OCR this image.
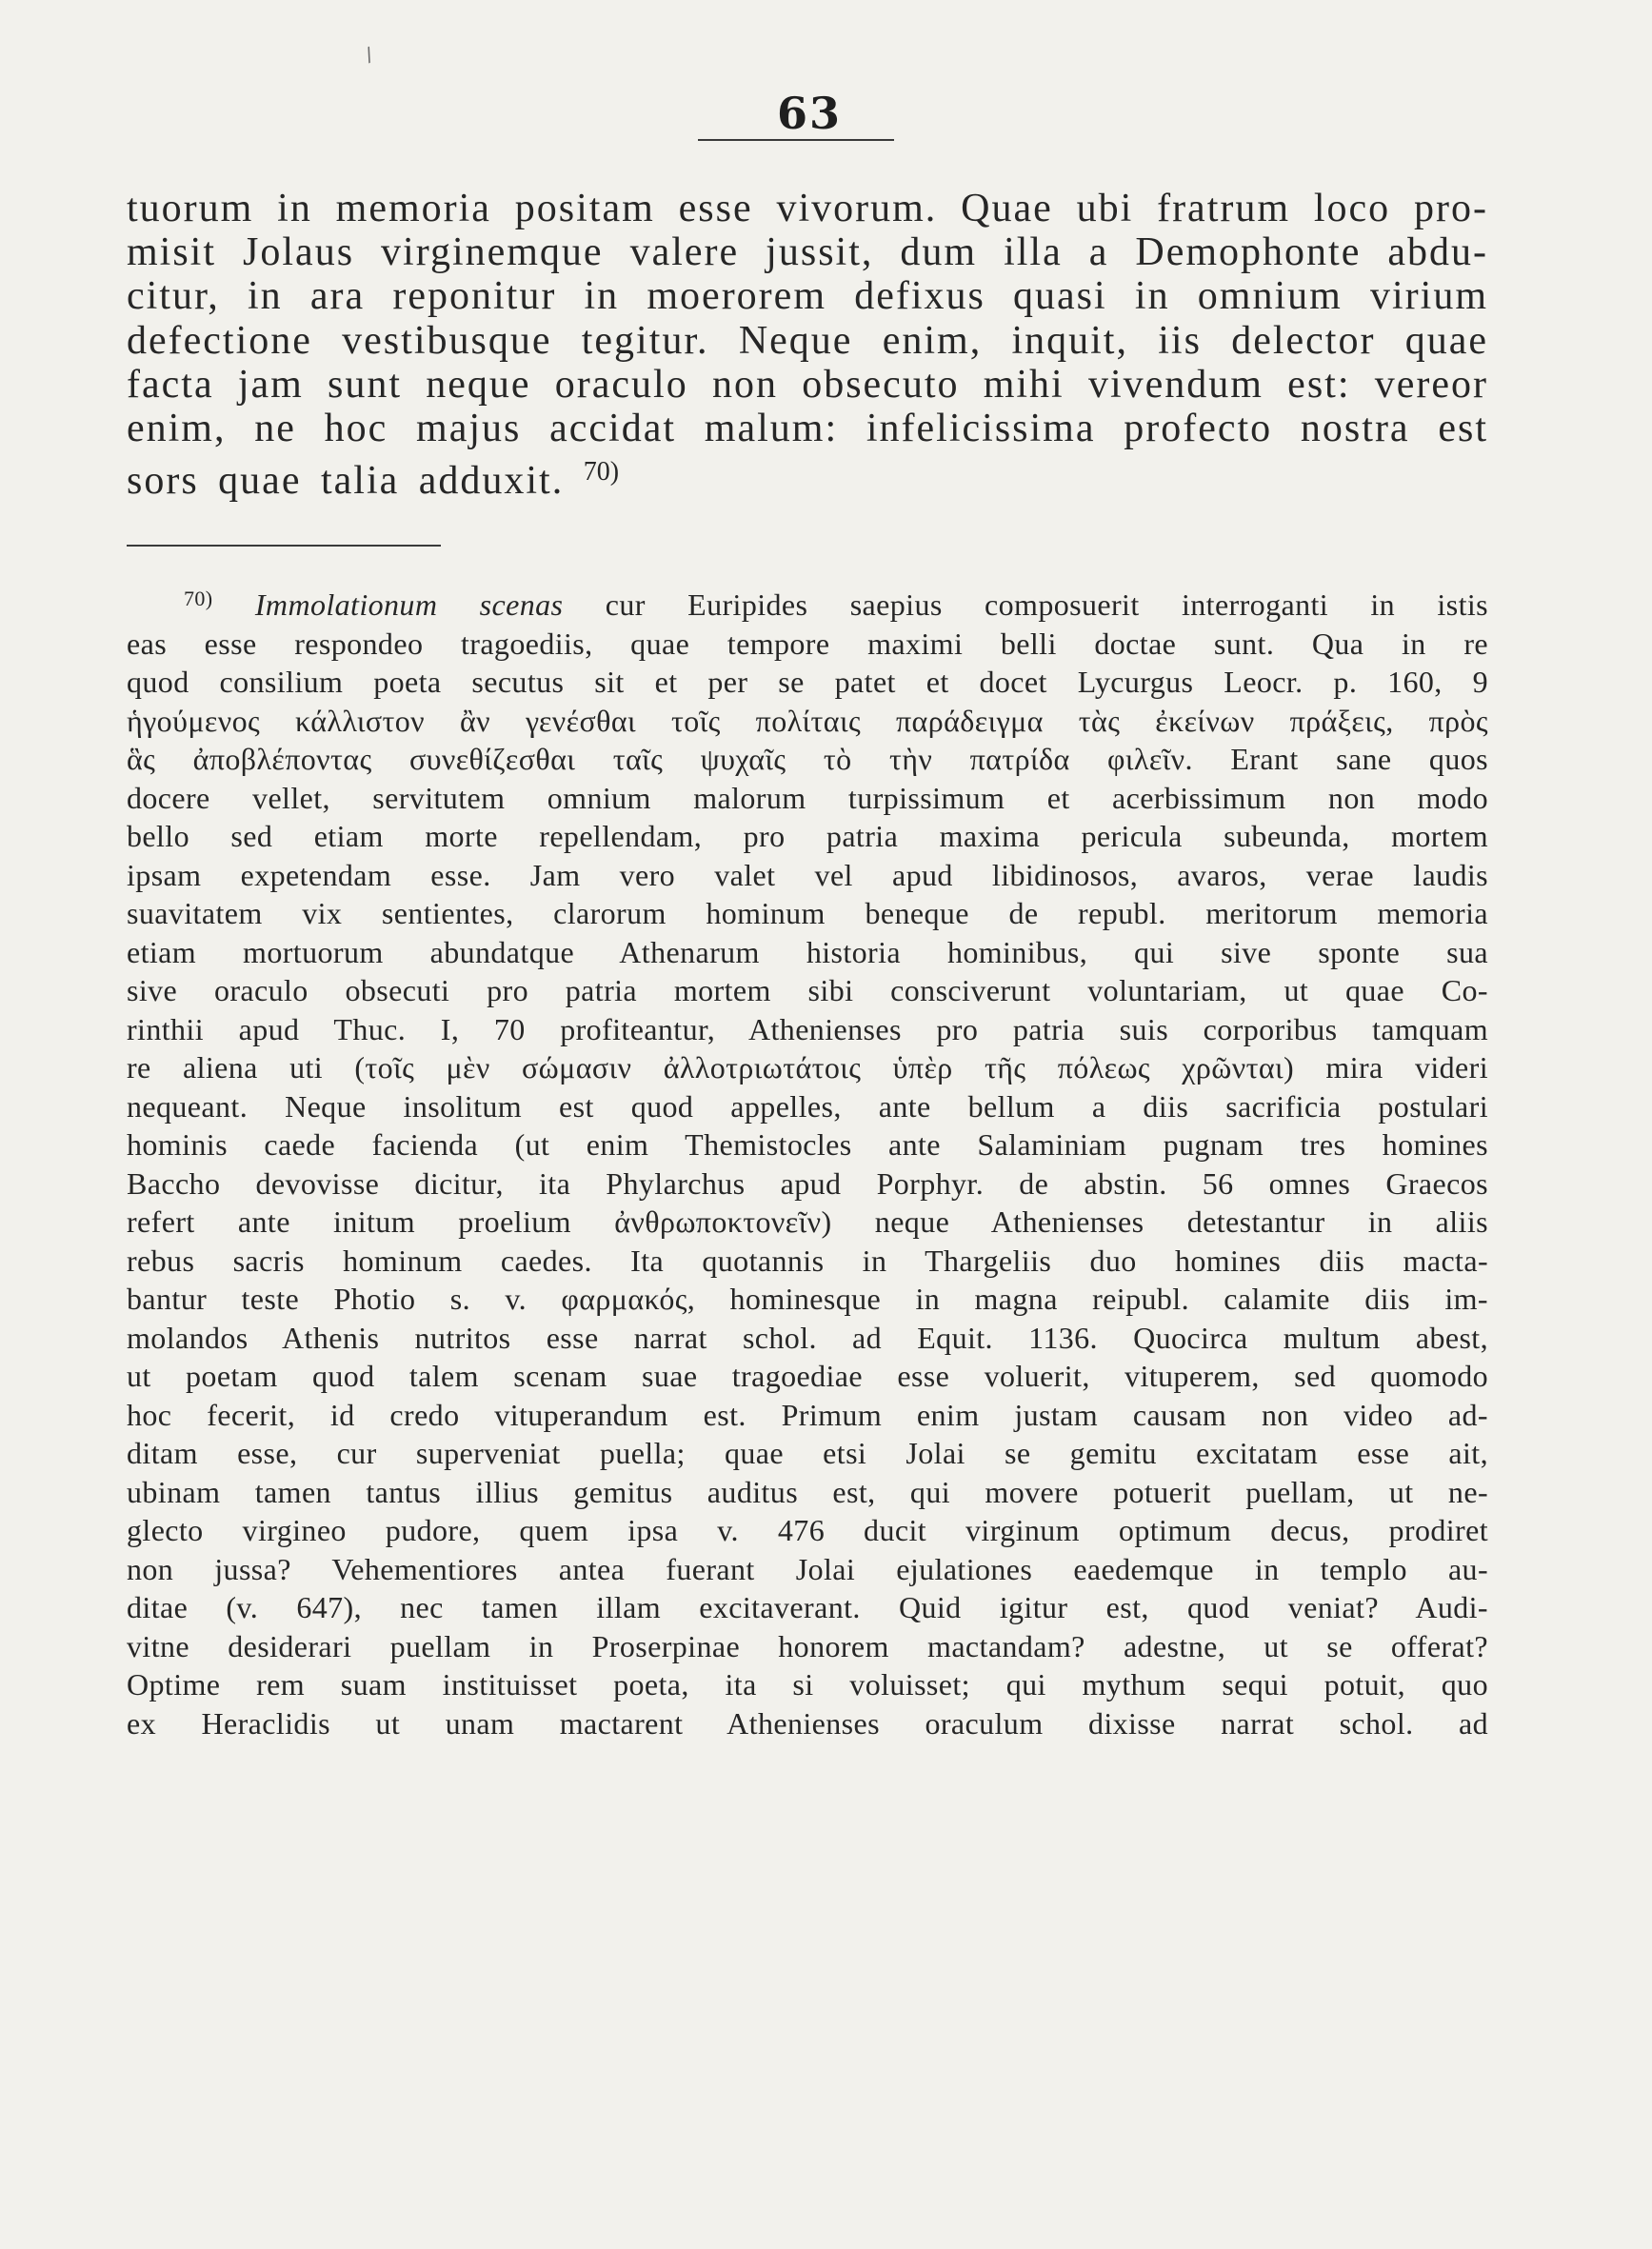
/
63
tuorum in memoria positam esse vivorum. Quae ubi fratrum loco pro-
misit Jolaus virginemque valere jussit, dum illa a Demophonte abdu-
citur, in ara reponitur in moerorem defixus quasi in omnium virium
defectione vestibusque tegitur. Neque enim, inquit, iis delector quae
facta jam sunt neque oraculo non obsecuto mihi vivendum est: vereor
enim, ne hoc majus accidat malum: infelicissima profecto nostra est
sors quae talia adduxit. $^{70)}$
$^{70)}$ Immolationum scenas cur Euripides saepius composuerit interroganti in istis
eas esse respondeo tragoediis, quae tempore maximi belli doctae sunt. Qua in re
quod consilium poeta secutus sit et per se patet et docet Lycurgus Leocr. p. 160, 9
ἡγούμενος κάλλιστον ἂν γενέσθαι τοῖς πολίταις παράδειγμα τὰς ἐκείνων πράξεις, πρὸς
ἃς ἀποβλέποντας συνεθίζεσθαι ταῖς ψυχαῖς τὸ τὴν πατρίδα φιλεῖν. Erant sane quos
docere vellet, servitutem omnium malorum turpissimum et acerbissimum non modo
bello sed etiam morte repellendam, pro patria maxima pericula subeunda, mortem
ipsam expetendam esse. Jam vero valet vel apud libidinosos, avaros, verae laudis
suavitatem vix sentientes, clarorum hominum beneque de republ. meritorum memoria
etiam mortuorum abundatque Athenarum historia hominibus, qui sive sponte sua
sive oraculo obsecuti pro patria mortem sibi consciverunt voluntariam, ut quae Co-
rinthii apud Thuc. I, 70 profiteantur, Athenienses pro patria suis corporibus tamquam
re aliena uti (τοῖς μὲν σώμασιν ἀλλοτριωτάτοις ὑπὲρ τῆς πόλεως χρῶνται) mira videri
nequeant. Neque insolitum est quod appelles, ante bellum a diis sacrificia postulari
hominis caede facienda (ut enim Themistocles ante Salaminiam pugnam tres homines
Baccho devovisse dicitur, ita Phylarchus apud Porphyr. de abstin. 56 omnes Graecos
refert ante initum proelium ἀνθρωποκτονεῖν) neque Athenienses detestantur in aliis
rebus sacris hominum caedes. Ita quotannis in Thargeliis duo homines diis macta-
bantur teste Photio s. v. φαρμακός, hominesque in magna reipubl. calamite diis im-
molandos Athenis nutritos esse narrat schol. ad Equit. 1136. Quocirca multum abest,
ut poetam quod talem scenam suae tragoediae esse voluerit, vituperem, sed quomodo
hoc fecerit, id credo vituperandum est. Primum enim justam causam non video ad-
ditam esse, cur superveniat puella; quae etsi Jolai se gemitu excitatam esse ait,
ubinam tamen tantus illius gemitus auditus est, qui movere potuerit puellam, ut ne-
glecto virgineo pudore, quem ipsa v. 476 ducit virginum optimum decus, prodiret
non jussa? Vehementiores antea fuerant Jolai ejulationes eaedemque in templo au-
ditae (v. 647), nec tamen illam excitaverant. Quid igitur est, quod veniat? Audi-
vitne desiderari puellam in Proserpinae honorem mactandam? adestne, ut se offerat?
Optime rem suam instituisset poeta, ita si voluisset; qui mythum sequi potuit, quo
ex Heraclidis ut unam mactarent Athenienses oraculum dixisse narrat schol. ad
